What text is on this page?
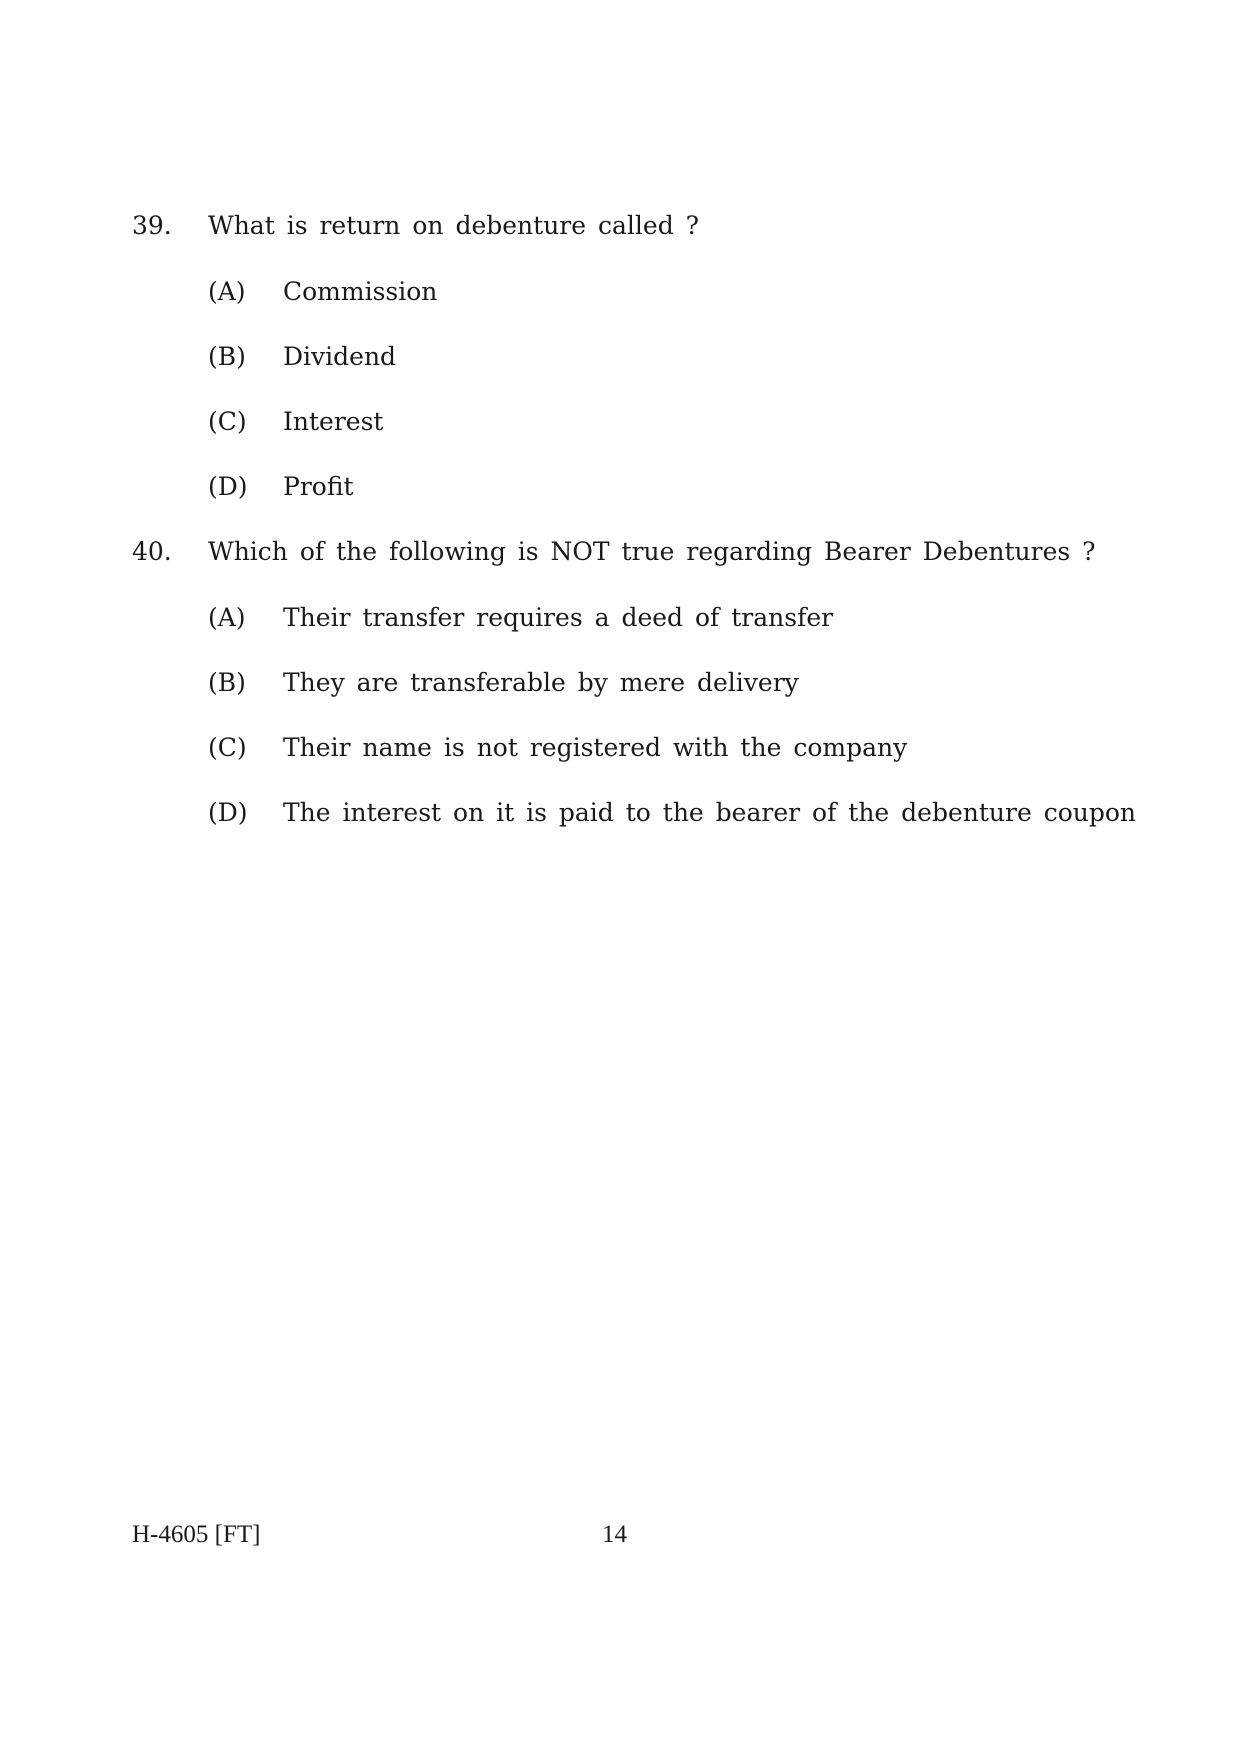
39. What is return on debenture called ?
(A) Commission
(B) Dividend
(C) Interest
(D) Profit
40. Which of the following is NOT true regarding Bearer Debentures ?
(A) Their transfer requires a deed of transfer
(B) They are transferable by mere delivery
(C) Their name is not registered with the company
(D) The interest on it is paid to the bearer of the debenture coupon
H-4605 [FT]	14
